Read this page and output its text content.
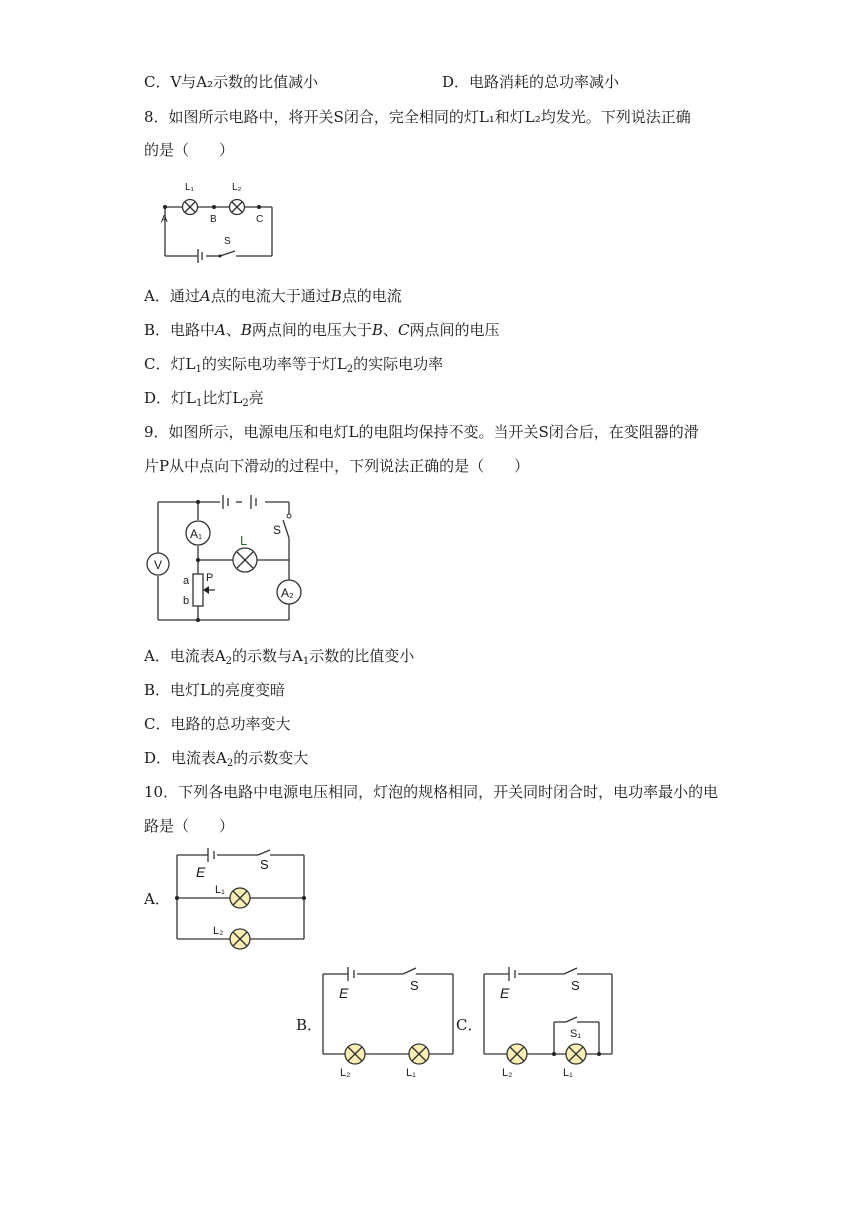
C．V与A₂示数的比值减小	D．电路消耗的总功率减小
8．如图所示电路中，将开关S闭合，完全相同的灯L₁和灯L₂均发光。下列说法正确
的是（　　）
L₁	L₂
A	B	C
S
A．通过A点的电流大于通过B点的电流
B．电路中A、B两点间的电压大于B、C两点间的电压
C．灯$L_1$的实际电功率等于灯$L_2$的实际电功率
D．灯$L_1$比灯$L_2$亮
9．如图所示，电源电压和电灯L的电阻均保持不变。当开关S闭合后，在变阻器的滑
片P从中点向下滑动的过程中，下列说法正确的是（　　）
A₁
V
L
A₂
P
a
b
S
A．电流表$A_2$的示数与$A_1$示数的比值变小
B．电灯L的亮度变暗
C．电路的总功率变大
D．电流表$A_2$的示数变大
10．下列各电路中电源电压相同，灯泡的规格相同，开关同时闭合时，电功率最小的电
路是（　　）
A．
E	S
L₁
L₂
B．
E	S
L₂	L₁
C．
E	S
S₁
L₂	L₁
